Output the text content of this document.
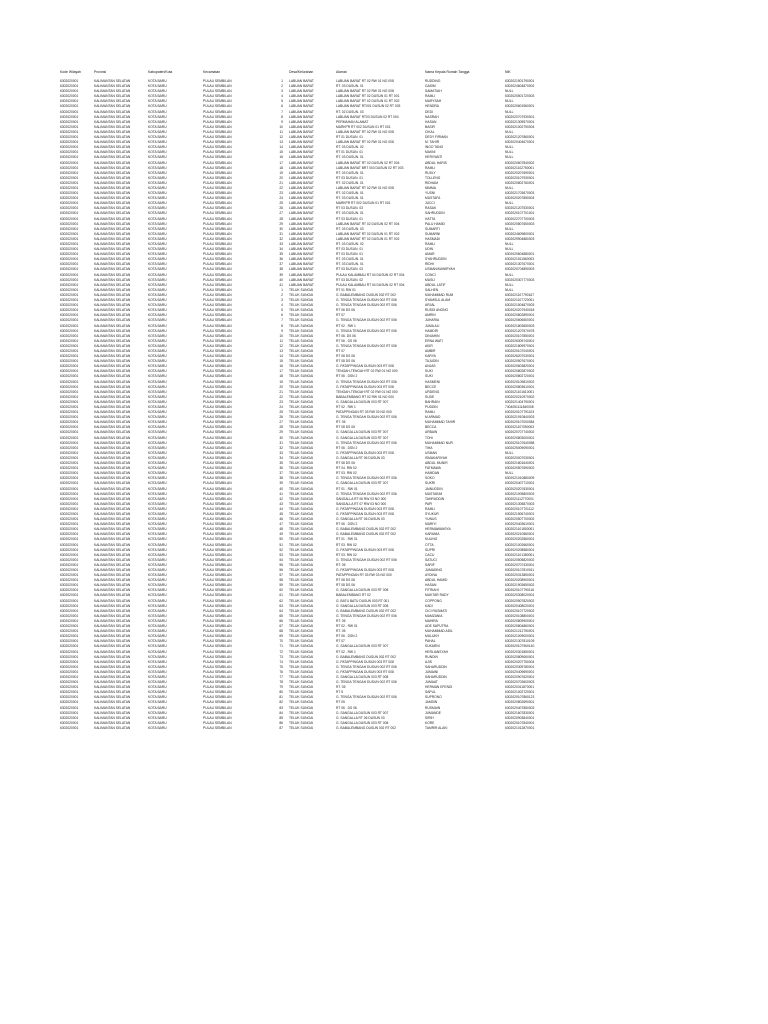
Kode Wilayah	Provinsi	Kabupaten/Kota	Kecamatan	Desa/Kelurahan	Alamat	Nama Kepala Rumah Tangga	NIK
6302020001	KALIMANTAN SELATAN	KOTA BARU	PULAU SEMBILAN	1 LABUAN BARAT	LABUAN BARAT RT 02 RW 01 NO 008	RUDDING	6302021501790001
6302020001	KALIMANTAN SELATAN	KOTA BARU	PULAU SEMBILAN	2 LABUAN BARAT	RT. 03 DUSUN. 01	GASIM	6302024604870002
6302020001	KALIMANTAN SELATAN	KOTA BARU	PULAU SEMBILAN	3 LABUAN BARAT	LABUAN BARAT RT 02 RW 01 NO 008	SAMATIAH	NULL
6302020001	KALIMANTAN SELATAN	KOTA BARU	PULAU SEMBILAN	4 LABUAN BARAT	LABUAN BARAT RT 02 DUSUN 01 RT 001	RAMLI	6302020501720003
6302020001	KALIMANTAN SELATAN	KOTA BARU	PULAU SEMBILAN	5 LABUAN BARAT	LABUAN BARAT RT 02 DUSUN 01 RT 002	MARYSAH	NULL
6302020001	KALIMANTAN SELATAN	KOTA BARU	PULAU SEMBILAN	6 LABUAN BARAT	LABUAN BARAT RT001 DUSUN 02 RT 003	HENDRA	6302020601560001
6302020001	KALIMANTAN SELATAN	KOTA BARU	PULAU SEMBILAN	7 LABUAN BARAT	RT. 02 DUSUN. 03	DEDI	NULL
6302020001	KALIMANTAN SELATAN	KOTA BARU	PULAU SEMBILAN	8 LABUAN BARAT	LABUAN BARAT RT03 DUSUN 02 RT 004	NASRAH	6302020707930001
6302020001	KALIMANTAN SELATAN	KOTA BARU	PULAU SEMBILAN	9 LABUAN BARAT	PERMAHAN ALAMAT	HASAN	6302021305970001
6302020001	KALIMANTAN SELATAN	KOTA BARU	PULAU SEMBILAN	10 LABUAN BARAT	MARKPR RT 002 DUSUN 01 RT 001	BASIR	6302021002790004
6302020001	KALIMANTAN SELATAN	KOTA BARU	PULAU SEMBILAN	11 LABUAN BARAT	LABUAN BARAT RT 02 RW 01 NO 008	CIKAL	NULL
6302020001	KALIMANTAN SELATAN	KOTA BARU	PULAU SEMBILAN	12 LABUAN BARAT	RT 01 DUSUN. 01	DEDY FIRMAN	6302021207860001
6302020001	KALIMANTAN SELATAN	KOTA BARU	PULAU SEMBILAN	13 LABUAN BARAT	LABUAN BARAT RT 02 RW 01 NO 008	M. TAHIR	6302020404670001
6302020001	KALIMANTAN SELATAN	KOTA BARU	PULAU SEMBILAN	14 LABUAN BARAT	RT. 03 DUSUN. 02	INGO TANG	NULL
6302020001	KALIMANTAN SELATAN	KOTA BARU	PULAU SEMBILAN	15 LABUAN BARAT	RT 01 DUSUN. 01	MAKNI	NULL
6302020001	KALIMANTAN SELATAN	KOTA BARU	PULAU SEMBILAN	16 LABUAN BARAT	RT. 03 DUSUN. 01	HERIYANTI	NULL
6302020001	KALIMANTAN SELATAN	KOTA BARU	PULAU SEMBILAN	17 LABUAN BARAT	LABUAN BARAT RT 02 DUSUN 02 RT 004	ABDUL HARIS	6302020607840002
6302020001	KALIMANTAN SELATAN	KOTA BARU	PULAU SEMBILAN	18 LABUAN BARAT	LABUAN BARAT BRT 003 DUSUN 02 RT 003	RAMLI	6302021102750001
6302020001	KALIMANTAN SELATAN	KOTA BARU	PULAU SEMBILAN	19 LABUAN BARAT	RT. 03 DUSUN. 01	RUSLY	6302020207690001
6302020001	KALIMANTAN SELATAN	KOTA BARU	PULAU SEMBILAN	20 LABUAN BARAT	RT 03 DUSUN. 01	TOLLENG	6302020107930001
6302020001	KALIMANTAN SELATAN	KOTA BARU	PULAU SEMBILAN	21 LABUAN BARAT	RT. 02 DUSUN. 01	RIDHAM	6302020802760001
6302020001	KALIMANTAN SELATAN	KOTA BARU	PULAU SEMBILAN	22 LABUAN BARAT	LABUAN BARAT RT 02 RW 01 NO 008	NIMMA	NULL
6302020001	KALIMANTAN SELATAN	KOTA BARU	PULAU SEMBILAN	23 LABUAN BARAT	RT. 02 DUSUN. 01	YUSNI	6302021703670003
6302020001	KALIMANTAN SELATAN	KOTA BARU	PULAU SEMBILAN	24 LABUAN BARAT	RT. 03 DUSUN. 01	MUSTAFA	6302020207850004
6302020001	KALIMANTAN SELATAN	KOTA BARU	PULAU SEMBILAN	25 LABUAN BARAT	MARKPR RT 002 DUSUN 01 RT 001	JUCCI	NULL
6302020001	KALIMANTAN SELATAN	KOTA BARU	PULAU SEMBILAN	26 LABUAN BARAT	RT 03 DUSUN. 03	RASAK	6302021207530001
6302020001	KALIMANTAN SELATAN	KOTA BARU	PULAU SEMBILAN	27 LABUAN BARAT	RT. 03 DUSUN. 01	SAHRUDDIN	6302020107701001
6302020001	KALIMANTAN SELATAN	KOTA BARU	PULAU SEMBILAN	28 LABUAN BARAT	RT 03 DUSUN. 01	HATTA	6302022707700003
6302020001	KALIMANTAN SELATAN	KOTA BARU	PULAU SEMBILAN	29 LABUAN BARAT	LABUAN BARAT RT 02 DUSUN 02 RT 004	PALU HAMID	6302020807650003
6302020001	KALIMANTAN SELATAN	KOTA BARU	PULAU SEMBILAN	30 LABUAN BARAT	RT. 03 DUSUN. 03	SUMARTI	NULL
6302020001	KALIMANTAN SELATAN	KOTA BARU	PULAU SEMBILAN	31 LABUAN BARAT	LABUAN BARAT RT 02 DUSUN 01 RT 002	SUMARNI	6302024609800001
6302020001	KALIMANTAN SELATAN	KOTA BARU	PULAU SEMBILAN	32 LABUAN BARAT	LABUAN BARAT RT 02 DUSUN 01 RT 002	HASMADI	6302029904880003
6302020001	KALIMANTAN SELATAN	KOTA BARU	PULAU SEMBILAN	33 LABUAN BARAT	RT. 03 DUSUN. 02	RAMLI	NULL
6302020001	KALIMANTAN SELATAN	KOTA BARU	PULAU SEMBILAN	34 LABUAN BARAT	RT 03 DUSUN. 01	UDIN	NULL
6302020001	KALIMANTAN SELATAN	KOTA BARU	PULAU SEMBILAN	35 LABUAN BARAT	RT 03 DUSUN. 01	AMAR	6302020604880001
6302020001	KALIMANTAN SELATAN	KOTA BARU	PULAU SEMBILAN	36 LABUAN BARAT	RT. 03 DUSUN. 01	SYAHRUDDIN	6302021511560003
6302020001	KALIMANTAN SELATAN	KOTA BARU	PULAU SEMBILAN	37 LABUAN BARAT	RT. 03 DUSUN. 01	RIDHI	6302021307670001
6302020001	KALIMANTAN SELATAN	KOTA BARU	PULAU SEMBILAN	38 LABUAN BARAT	RT 03 DUSUN. 03	USMAN/KAWIRYAH	6302020704890003
6302020001	KALIMANTAN SELATAN	KOTA BARU	PULAU SEMBILAN	39 LABUAN BARAT	PULAU KALAMBAU RT 04 DUSUN 02 RT 004	CONCI	NULL
6302020001	KALIMANTAN SELATAN	KOTA BARU	PULAU SEMBILAN	40 LABUAN BARAT	RT 03 DUSUN. 02	MUSLI	6302020307770003
6302020001	KALIMANTAN SELATAN	KOTA BARU	PULAU SEMBILAN	41 LABUAN BARAT	PULAU KALAMBAU RT 04 DUSUN 02 RT 004	ABDUL LATIF	NULL
6302020001	KALIMANTAN SELATAN	KOTA BARU	PULAU SEMBILAN	1 TELUK SUNGAI	RT 01 RW 01	SALHEN	NULL
6302020001	KALIMANTAN SELATAN	KOTA BARU	PULAU SEMBILAN	2 TELUK SUNGAI	G. BABALEMBANG DUSUN 002 RT 002	MUHAMMAD RUM	6302021107790167
6302020001	KALIMANTAN SELATAN	KOTA BARU	PULAU SEMBILAN	3 TELUK SUNGAI	G. TENGA TENGAH DUSUN 002 RT 006	SYAMSUL ALAM	6302021107720001
6302020001	KALIMANTAN SELATAN	KOTA BARU	PULAU SEMBILAN	4 TELUK SUNGAI	G. TENGA TENGAH DUSUN 002 RT 006	ARJAL	6302021504870003
6302020001	KALIMANTAN SELATAN	KOTA BARU	PULAU SEMBILAN	5 TELUK SUNGAI	RT 06 DS 06	RUSDI ANONG	6302020207940018
6302020001	KALIMANTAN SELATAN	KOTA BARU	PULAU SEMBILAN	6 TELUK SUNGAI	RT 07	AMRIN	6302020802890001
6302020001	KALIMANTAN SELATAN	KOTA BARU	PULAU SEMBILAN	7 TELUK SUNGAI	G. TENGA TENGAH DUSUN 002 RT 006	JUHARIA	6302020606500001
6302020001	KALIMANTAN SELATAN	KOTA BARU	PULAU SEMBILAN	8 TELUK SUNGAI	RT 02 . RW 1	JUMA ALI	6302021803650003
6302020001	KALIMANTAN SELATAN	KOTA BARU	PULAU SEMBILAN	9 TELUK SUNGAI	G. TENGA TENGAH DUSUN 002 RT 006	HAMDIR	6302021207570078
6302020001	KALIMANTAN SELATAN	KOTA BARU	PULAU SEMBILAN	10 TELUK SUNGAI	RT 06. DS 06	DINIAHIN	6302020107850001
6302020001	KALIMANTAN SELATAN	KOTA BARU	PULAU SEMBILAN	11 TELUK SUNGAI	RT 06 . DS 06	ERNA WATI	6302026309740001
6302020001	KALIMANTAN SELATAN	KOTA BARU	PULAU SEMBILAN	12 TELUK SUNGAI	G. TENGA TENGAH DUSUN 002 RT 006	AKIR	6302021809970001
6302020001	KALIMANTAN SELATAN	KOTA BARU	PULAU SEMBILAN	13 TELUK SUNGAI	RT 07	AMBIR	6302020107040001
6302020001	KALIMANTAN SELATAN	KOTA BARU	PULAU SEMBILAN	14 TELUK SUNGAI	RT 08 DS 06	KARYA	6302026207030001
6302020001	KALIMANTAN SELATAN	KOTA BARU	PULAU SEMBILAN	15 TELUK SUNGAI	RT 08 DS 06	TAJUDIN	6302020507670001
6302020001	KALIMANTAN SELATAN	KOTA BARU	PULAU SEMBILAN	16 TELUK SUNGAI	G. PATAPPINGAN DUSUN 003 RT 008	ANJAS	6302020603820001
6302020001	KALIMANTAN SELATAN	KOTA BARU	PULAU SEMBILAN	17 TELUK SUNGAI	TENGAH-TENGAH RT 02 RW 01 NO 000	SUKI	6302020802870002
6302020001	KALIMANTAN SELATAN	KOTA BARU	PULAU SEMBILAN	18 TELUK SUNGAI	RT 06 . DSN 2	SUKI	6302020802720001
6302020001	KALIMANTAN SELATAN	KOTA BARU	PULAU SEMBILAN	19 TELUK SUNGAI	G. TENGA TENGAH DUSUN 002 RT 006	HASMENI	6302020109810002
6302020001	KALIMANTAN SELATAN	KOTA BARU	PULAU SEMBILAN	20 TELUK SUNGAI	G. PATAPPINGAN DUSUN 003 RT 008	BECCE	6302020803610001
6302020001	KALIMANTAN SELATAN	KOTA BARU	PULAU SEMBILAN	21 TELUK SUNGAI	TENGAH-TENGAH RT 02 RW 01 NO 000	URDENG	6302021101610001
6302020001	KALIMANTAN SELATAN	KOTA BARU	PULAU SEMBILAN	22 TELUK SUNGAI	BABALEMBANG RT 02 RW 01 NO 000	SUDE	6302020210970002
6302020001	KALIMANTAN SELATAN	KOTA BARU	PULAU SEMBILAN	23 TELUK SUNGAI	G. SANGALLA DUSUN 003 RT 007	BAHRAIN	6302021404790001
6302020001	KALIMANTAN SELATAN	KOTA BARU	PULAU SEMBILAN	24 TELUK SUNGAI	RT 02 . RW 1	PUDDIN	7404051111840008
6302020001	KALIMANTAN SELATAN	KOTA BARU	PULAU SEMBILAN	25 TELUK SUNGAI	PATAPPINGAN RT 03 RW 03 NO 000	RAMLI	6302020107791103
6302020001	KALIMANTAN SELATAN	KOTA BARU	PULAU SEMBILAN	26 TELUK SUNGAI	G. TENGA TENGAH DUSUN 002 RT 006	M ARMAD	6302021910840003
6302020001	KALIMANTAN SELATAN	KOTA BARU	PULAU SEMBILAN	27 TELUK SUNGAI	RT. 05	MUHAMMAD TAHIR	6302020107000084
6302020001	KALIMANTAN SELATAN	KOTA BARU	PULAU SEMBILAN	28 TELUK SUNGAI	RT 08 DS 06	BECCA	6302021107050003
6302020001	KALIMANTAN SELATAN	KOTA BARU	PULAU SEMBILAN	29 TELUK SUNGAI	G. SANGALLA DUSUN 003 RT 007	ARBAIN	6302020707740002
6302020001	KALIMANTAN SELATAN	KOTA BARU	PULAU SEMBILAN	30 TELUK SUNGAI	G. SANGALLA DUSUN 003 RT 007	TOHI	6302020803000001
6302020001	KALIMANTAN SELATAN	KOTA BARU	PULAU SEMBILAN	31 TELUK SUNGAI	G. TENGA TENGAH DUSUN 002 RT 006	MUHAMMAD NUR	6302020107640058
6302020001	KALIMANTAN SELATAN	KOTA BARU	PULAU SEMBILAN	32 TELUK SUNGAI	RT 06 . DSN 2	TIHA	6302025009090001
6302020001	KALIMANTAN SELATAN	KOTA BARU	PULAU SEMBILAN	33 TELUK SUNGAI	G. PATAPPINGAN DUSUN 003 RT 008	USMAN	NULL
6302020001	KALIMANTAN SELATAN	KOTA BARU	PULAU SEMBILAN	34 TELUK SUNGAI	G. SANGALLA RT 06 DUSUN 03	ISMAKARIYAH	6302020007030001
6302020001	KALIMANTAN SELATAN	KOTA BARU	PULAU SEMBILAN	35 TELUK SUNGAI	RT 08 DS 06	ABDUL MUNIR	6302021801640001
6302020001	KALIMANTAN SELATAN	KOTA BARU	PULAU SEMBILAN	36 TELUK SUNGAI	RT 04. RW 02	FATMAWA	6302020507690002
6302020001	KALIMANTAN SELATAN	KOTA BARU	PULAU SEMBILAN	37 TELUK SUNGAI	RT 03. RW 02	HAMDAN	NULL
6302020001	KALIMANTAN SELATAN	KOTA BARU	PULAU SEMBILAN	38 TELUK SUNGAI	G. TENGA TENGAH DUSUN 002 RT 006	SOKO	6302021010880009
6302020001	KALIMANTAN SELATAN	KOTA BARU	PULAU SEMBILAN	39 TELUK SUNGAI	G. SANGALLA DUSUN 003 RT 007	SUKRI	6302020407710001
6302020001	KALIMANTAN SELATAN	KOTA BARU	PULAU SEMBILAN	40 TELUK SUNGAI	RT 01 . RW 01	JAINUDDIN	6302020207630001
6302020001	KALIMANTAN SELATAN	KOTA BARU	PULAU SEMBILAN	41 TELUK SUNGAI	G. TENGA TENGAH DUSUN 002 RT 006	MUSTAKIM	6302021005800003
6302020001	KALIMANTAN SELATAN	KOTA BARU	PULAU SEMBILAN	42 TELUK SUNGAI	SANGALLA RT 06 RW 03 NO 000	TAHRUDDIN	6302021112770001
6302020001	KALIMANTAN SELATAN	KOTA BARU	PULAU SEMBILAN	43 TELUK SUNGAI	SANGALLA RT 07 RW 03 NO 000	PAPI	6302021305870003
6302020001	KALIMANTAN SELATAN	KOTA BARU	PULAU SEMBILAN	44 TELUK SUNGAI	G. PATAPPINGAN DUSUN 003 RT 008	RAMLI	6302020107701112
6302020001	KALIMANTAN SELATAN	KOTA BARU	PULAU SEMBILAN	45 TELUK SUNGAI	G. PATAPPINGAN DUSUN 003 RT 008	SYUKUR	6302021506740001
6302020001	KALIMANTAN SELATAN	KOTA BARU	PULAU SEMBILAN	46 TELUK SUNGAI	G. SANGALLA RT 06 DUSUN 03	YUNUS	6302020507700002
6302020001	KALIMANTAN SELATAN	KOTA BARU	PULAU SEMBILAN	47 TELUK SUNGAI	RT 06 . DSN 2	MARIYI	6302020403610001
6302020001	KALIMANTAN SELATAN	KOTA BARU	PULAU SEMBILAN	48 TELUK SUNGAI	G. BABALEMBANG DUSUN 002 RT 002	HERMAWANSYA	6302021101800001
6302020001	KALIMANTAN SELATAN	KOTA BARU	PULAU SEMBILAN	49 TELUK SUNGAI	G. BABALEMBANG DUSUN 002 RT 002	KARANIA	6302020210560001
6302020001	KALIMANTAN SELATAN	KOTA BARU	PULAU SEMBILAN	50 TELUK SUNGAI	RT 01 . RW 01	KULING	6302020202560001
6302020001	KALIMANTAN SELATAN	KOTA BARU	PULAU SEMBILAN	51 TELUK SUNGAI	RT 03. RW 02	OTTA	6302021002660001
6302020001	KALIMANTAN SELATAN	KOTA BARU	PULAU SEMBILAN	52 TELUK SUNGAI	G. PATAPPINGAN DUSUN 003 RT 008	SUPRI	6302020208580001
6302020001	KALIMANTAN SELATAN	KOTA BARU	PULAU SEMBILAN	53 TELUK SUNGAI	RT 03. RW 02	CACU	6302021101380001
6302020001	KALIMANTAN SELATAN	KOTA BARU	PULAU SEMBILAN	54 TELUK SUNGAI	G. TENGA TENGAH DUSUN 002 RT 006	SATUCI	6302020505820002
6302020001	KALIMANTAN SELATAN	KOTA BARU	PULAU SEMBILAN	55 TELUK SUNGAI	RT. 05	SARIF	6302020707430001
6302020001	KALIMANTAN SELATAN	KOTA BARU	PULAU SEMBILAN	56 TELUK SUNGAI	G. PATAPPINGAN DUSUN 003 RT 008	JUMADING	6302020107810011
6302020001	KALIMANTAN SELATAN	KOTA BARU	PULAU SEMBILAN	57 TELUK SUNGAI	PATAPPINGAN RT 03 RW 03 NO 000	AYDINA	6302020313850001
6302020001	KALIMANTAN SELATAN	KOTA BARU	PULAU SEMBILAN	58 TELUK SUNGAI	RT 08 DS 06	ABDUL HAMID	6302020208900001
6302020001	KALIMANTAN SELATAN	KOTA BARU	PULAU SEMBILAN	59 TELUK SUNGAI	RT 08 DS 06	HASAN	6302021903650002
6302020001	KALIMANTAN SELATAN	KOTA BARU	PULAU SEMBILAN	60 TELUK SUNGAI	G. SANGALLA DUSUN 003 RT 008	FITRIAHI	6302020107790116
6302020001	KALIMANTAN SELATAN	KOTA BARU	PULAU SEMBILAN	61 TELUK SUNGAI	BABALEMBANG RT 02	MUKTAR RADY	6302020308020001
6302020001	KALIMANTAN SELATAN	KOTA BARU	PULAU SEMBILAN	62 TELUK SUNGAI	G. BATU BATU DUSUN 003 RT 001	COPPONG	6302020507820002
6302020001	KALIMANTAN SELATAN	KOTA BARU	PULAU SEMBILAN	63 TELUK SUNGAI	G. SANGALLA DUSUN 003 RT 008	KADI	6302020408020001
6302020001	KALIMANTAN SELATAN	KOTA BARU	PULAU SEMBILAN	64 TELUK SUNGAI	G. BABALEMBANG DUSUN 002 RT 002	CICI RUSMATI	6302020107720002
6302020001	KALIMANTAN SELATAN	KOTA BARU	PULAU SEMBILAN	65 TELUK SUNGAI	G. TENGA TENGAH DUSUN 002 RT 006	MAMZANIA	6302020108800001
6302020001	KALIMANTAN SELATAN	KOTA BARU	PULAU SEMBILAN	66 TELUK SUNGAI	RT. 05	MAHIRA	6302020809900001
6302020001	KALIMANTAN SELATAN	KOTA BARU	PULAU SEMBILAN	67 TELUK SUNGAI	RT 02 . RW 01	ADE SAPUTRA	6302020804860001
6302020001	KALIMANTAN SELATAN	KOTA BARU	PULAU SEMBILAN	68 TELUK SUNGAI	RT. 05	MUHAMMAD ADIL	6302021212750001
6302020001	KALIMANTAN SELATAN	KOTA BARU	PULAU SEMBILAN	69 TELUK SUNGAI	RT 06 . DSN 2	MULUKH	6302021009000001
6302020001	KALIMANTAN SELATAN	KOTA BARU	PULAU SEMBILAN	70 TELUK SUNGAI	RT 07	PAHAL	6302021307810109
6302020001	KALIMANTAN SELATAN	KOTA BARU	PULAU SEMBILAN	71 TELUK SUNGAI	G. SANGALLA DUSUN 003 RT 007	SUKARNI	6302020107960140
6302020001	KALIMANTAN SELATAN	KOTA BARU	PULAU SEMBILAN	72 TELUK SUNGAI	RT 02 . RW 1	HERLIANSYAH	6302020301850001
6302020001	KALIMANTAN SELATAN	KOTA BARU	PULAU SEMBILAN	73 TELUK SUNGAI	G. BABALEMBANG DUSUN 002 RT 002	RUNDIN	6302020809060001
6302020001	KALIMANTAN SELATAN	KOTA BARU	PULAU SEMBILAN	74 TELUK SUNGAI	G. PATAPPINGAN DUSUN 003 RT 008	AJIS	6302020207750004
6302020001	KALIMANTAN SELATAN	KOTA BARU	PULAU SEMBILAN	75 TELUK SUNGAI	G. TENGA TENGAH DUSUN 002 RT 006	SAHARUDDIN	6302020309780001
6302020001	KALIMANTAN SELATAN	KOTA BARU	PULAU SEMBILAN	76 TELUK SUNGAI	G. PATAPPINGAN DUSUN 003 RT 008	JUMAINI	6302020409690001
6302020001	KALIMANTAN SELATAN	KOTA BARU	PULAU SEMBILAN	77 TELUK SUNGAI	G. SANGALLA DUSUN 003 RT 008	SAHARUDDIN	6302020907620001
6302020001	KALIMANTAN SELATAN	KOTA BARU	PULAU SEMBILAN	78 TELUK SUNGAI	G. TENGA TENGAH DUSUN 002 RT 006	JUMAAT	6302020703600003
6302020001	KALIMANTAN SELATAN	KOTA BARU	PULAU SEMBILAN	79 TELUK SUNGAI	RT. 05	HERMAN EFENDI	6302020311870001
6302020001	KALIMANTAN SELATAN	KOTA BARU	PULAU SEMBILAN	80 TELUK SUNGAI	RT 5	SAPUL	6302021002720001
6302020001	KALIMANTAN SELATAN	KOTA BARU	PULAU SEMBILAN	81 TELUK SUNGAI	G. TENGA TENGAH DUSUN 002 RT 006	SUPRONO	6302020107860123
6302020001	KALIMANTAN SELATAN	KOTA BARU	PULAU SEMBILAN	82 TELUK SUNGAI	RT 05	JAMDIN	6302020802690001
6302020001	KALIMANTAN SELATAN	KOTA BARU	PULAU SEMBILAN	83 TELUK SUNGAI	RT 06 . DS 06	RUSMAIN	6302020407850003
6302020001	KALIMANTAN SELATAN	KOTA BARU	PULAU SEMBILAN	84 TELUK SUNGAI	G. SANGALLA DUSUN 003 RT 007	JUMANDE	6302021607830001
6302020001	KALIMANTAN SELATAN	KOTA BARU	PULAU SEMBILAN	85 TELUK SUNGAI	G. SANGALLA RT 06 DUSUN 03	SIRIH	6302020903840001
6302020001	KALIMANTAN SELATAN	KOTA BARU	PULAU SEMBILAN	86 TELUK SUNGAI	G. SANGALLA DUSUN 003 RT 008	KORE	6302020107840001
6302020001	KALIMANTAN SELATAN	KOTA BARU	PULAU SEMBILAN	87 TELUK SUNGAI	G. BABALEMBANG DUSUN 002 RT 002	TAMRIR ALAKI	6302021012870001
